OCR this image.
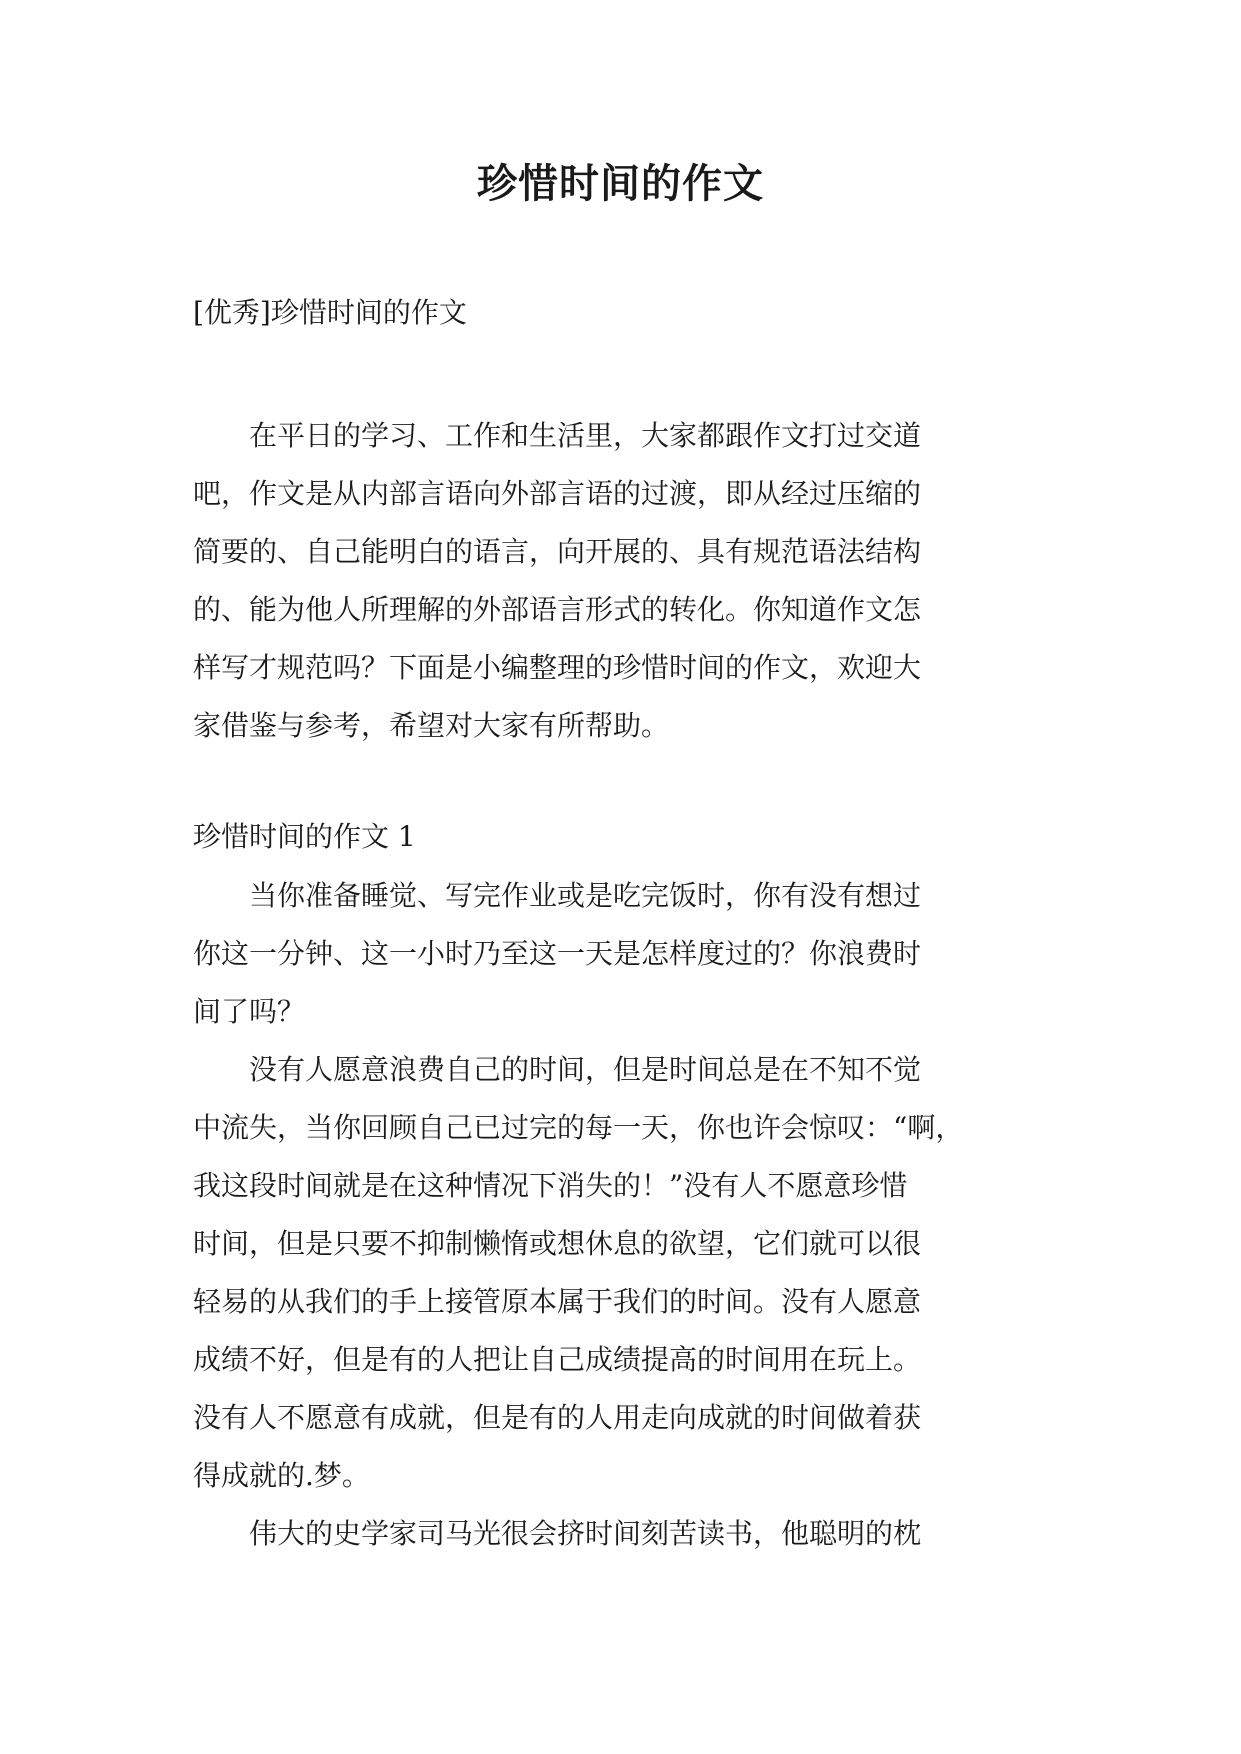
珍惜时间的作文
[优秀]珍惜时间的作文
　　在平日的学习、工作和生活里，大家都跟作文打过交道
吧，作文是从内部言语向外部言语的过渡，即从经过压缩的
简要的、自己能明白的语言，向开展的、具有规范语法结构
的、能为他人所理解的外部语言形式的转化。你知道作文怎
样写才规范吗？下面是小编整理的珍惜时间的作文，欢迎大
家借鉴与参考，希望对大家有所帮助。
珍惜时间的作文 1
　　当你准备睡觉、写完作业或是吃完饭时，你有没有想过
你这一分钟、这一小时乃至这一天是怎样度过的？你浪费时
间了吗？
　　没有人愿意浪费自己的时间，但是时间总是在不知不觉
中流失，当你回顾自己已过完的每一天，你也许会惊叹：“啊，
我这段时间就是在这种情况下消失的！”没有人不愿意珍惜
时间，但是只要不抑制懒惰或想休息的欲望，它们就可以很
轻易的从我们的手上接管原本属于我们的时间。没有人愿意
成绩不好，但是有的人把让自己成绩提高的时间用在玩上。
没有人不愿意有成就，但是有的人用走向成就的时间做着获
得成就的.梦。
　　伟大的史学家司马光很会挤时间刻苦读书，他聪明的枕
